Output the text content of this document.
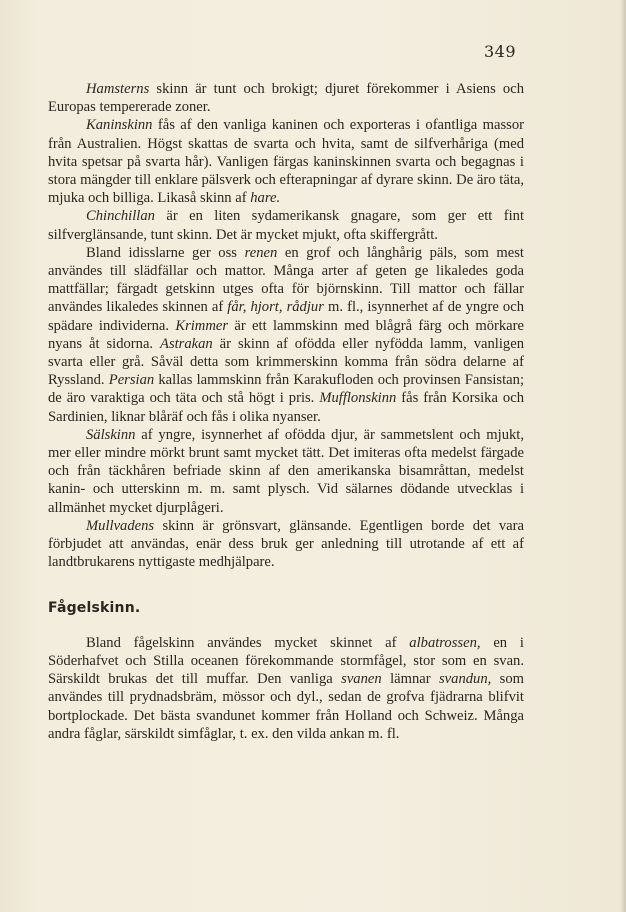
349

Hamsterns skinn är tunt och brokigt; djuret förekommer i Asiens och Europas tempererade zoner.

Kaninskinn fås af den vanliga kaninen och exporteras i ofantliga massor från Australien. Högst skattas de svarta och hvita, samt de silfverhåriga (med hvita spetsar på svarta hår). Vanligen färgas kaninskinnen svarta och begagnas i stora mängder till enklare pälsverk och efterapningar af dyrare skinn. De äro täta, mjuka och billiga. Likaså skinn af hare.

Chinchillan är en liten sydamerikansk gnagare, som ger ett fint silfverglänsande, tunt skinn. Det är mycket mjukt, ofta skiffergrått.

Bland idisslarne ger oss renen en grof och långhårig päls, som mest användes till slädfällar och mattor. Många arter af geten ge likaledes goda mattfällar; färgadt getskinn utges ofta för björnskinn. Till mattor och fällar användes likaledes skinnen af får, hjort, rådjur m. fl., isynnerhet af de yngre och spädare individerna. Krimmer är ett lammskinn med blågrå färg och mörkare nyans åt sidorna. Astrakan är skinn af ofödda eller nyfödda lamm, vanligen svarta eller grå. Såväl detta som krimmerskinn komma från södra delarne af Ryssland. Persian kallas lammskinn från Karakufloden och provinsen Fansistan; de äro varaktiga och täta och stå högt i pris. Mufflonskinn fås från Korsika och Sardinien, liknar blåräf och fås i olika nyanser.

Sälskinn af yngre, isynnerhet af ofödda djur, är sammetslent och mjukt, mer eller mindre mörkt brunt samt mycket tätt. Det imiteras ofta medelst färgade och från täckhåren befriade skinn af den amerikanska bisamråttan, medelst kanin- och utterskinn m. m. samt plysch. Vid sälarnes dödande utvecklas i allmänhet mycket djurplågeri.

Mullvadens skinn är grönsvart, glänsande. Egentligen borde det vara förbjudet att användas, enär dess bruk ger anledning till utrotande af ett af landtbrukarens nyttigaste medhjälpare.

Fågelskinn.

Bland fågelskinn användes mycket skinnet af albatrossen, en i Söderhafvet och Stilla oceanen förekommande stormfågel, stor som en svan. Särskildt brukas det till muffar. Den vanliga svanen lämnar svandun, som användes till prydnadsbräm, mössor och dyl., sedan de grofva fjädrarna blifvit bortplockade. Det bästa svandunet kommer från Holland och Schweiz. Många andra fåglar, särskildt simfåglar, t. ex. den vilda ankan m. fl.
